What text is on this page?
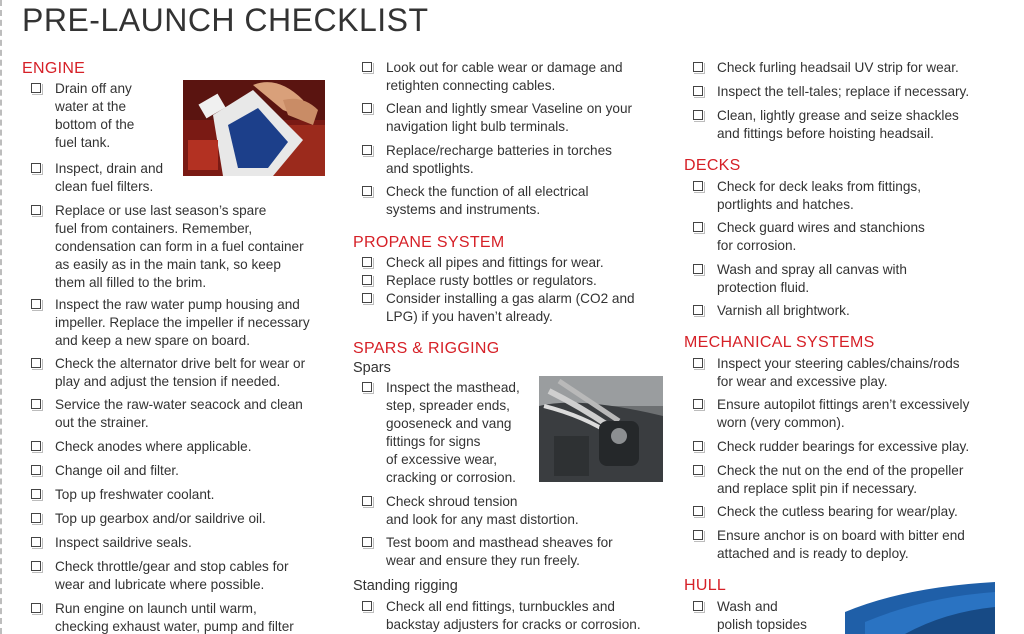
PRE-LAUNCH CHECKLIST
ENGINE
Drain off any
water at the
bottom of the
fuel tank.
Inspect, drain and
clean fuel filters.
Replace or use last season’s spare
fuel from containers. Remember,
condensation can form in a fuel container
as easily as in the main tank, so keep
them all filled to the brim.
Inspect the raw water pump housing and
impeller. Replace the impeller if necessary
and keep a new spare on board.
Check the alternator drive belt for wear or
play and adjust the tension if needed.
Service the raw-water seacock and clean
out the strainer.
Check anodes where applicable.
Change oil and filter.
Top up freshwater coolant.
Top up gearbox and/or saildrive oil.
Inspect saildrive seals.
Check throttle/gear and stop cables for
wear and lubricate where possible.
Run engine on launch until warm,
checking exhaust water, pump and filter
Look out for cable wear or damage and
retighten connecting cables.
Clean and lightly smear Vaseline on your
navigation light bulb terminals.
Replace/recharge batteries in torches
and spotlights.
Check the function of all electrical
systems and instruments.
PROPANE SYSTEM
Check all pipes and fittings for wear.
Replace rusty bottles or regulators.
Consider installing a gas alarm (CO2 and
LPG) if you haven’t already.
SPARS & RIGGING
Spars
Inspect the masthead,
step, spreader ends,
gooseneck and vang
fittings for signs
of excessive wear,
cracking or corrosion.
Check shroud tension
and look for any mast distortion.
Test boom and masthead sheaves for
wear and ensure they run freely.
Standing rigging
Check all end fittings, turnbuckles and
backstay adjusters for cracks or corrosion.
Check furling headsail UV strip for wear.
Inspect the tell-tales; replace if necessary.
Clean, lightly grease and seize shackles
and fittings before hoisting headsail.
DECKS
Check for deck leaks from fittings,
portlights and hatches.
Check guard wires and stanchions
for corrosion.
Wash and spray all canvas with
protection fluid.
Varnish all brightwork.
MECHANICAL SYSTEMS
Inspect your steering cables/chains/rods
for wear and excessive play.
Ensure autopilot fittings aren’t excessively
worn (very common).
Check rudder bearings for excessive play.
Check the nut on the end of the propeller
and replace split pin if necessary.
Check the cutless bearing for wear/play.
Ensure anchor is on board with bitter end
attached and is ready to deploy.
HULL
Wash and
polish topsides
